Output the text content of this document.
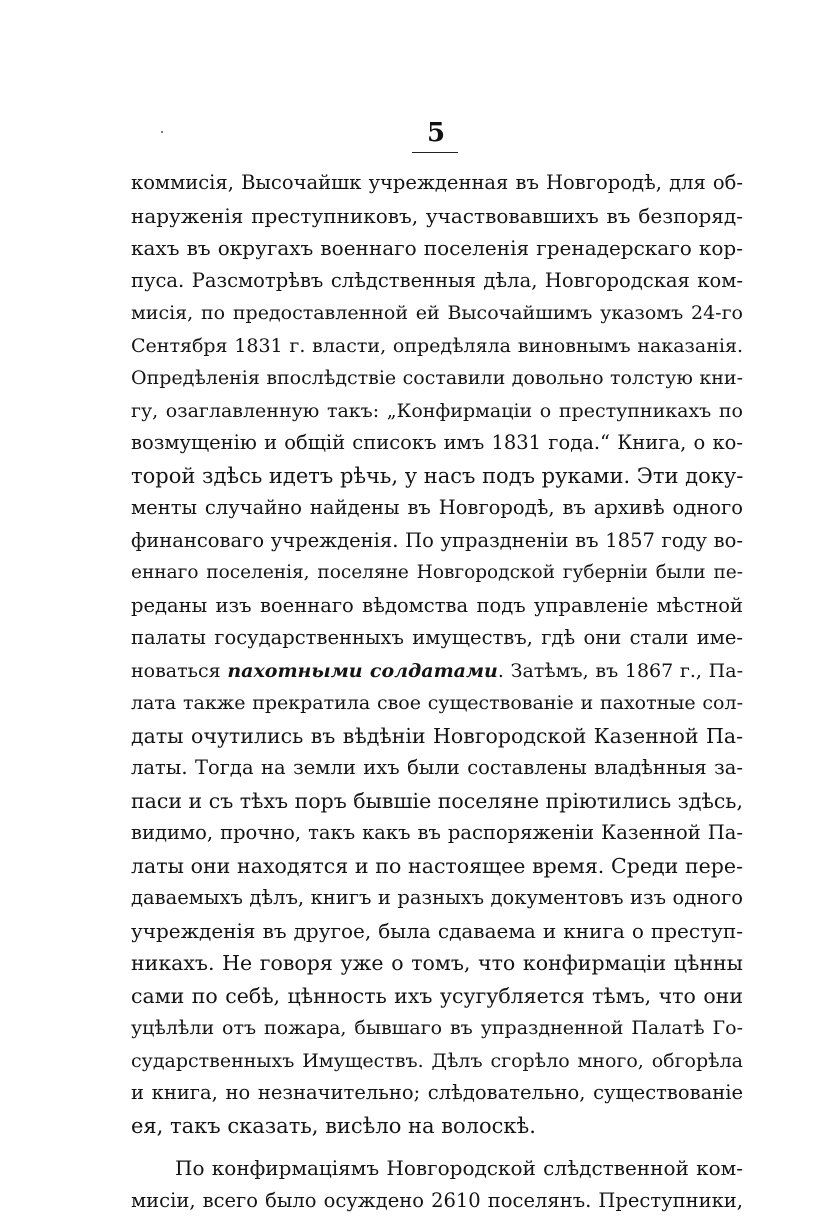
5
коммисія, Высочайшк учрежденная въ Новгородѣ, для об-
наруженія преступниковъ, участвовавшихъ въ безпоряд-
кахъ въ округахъ военнаго поселенія гренадерскаго кор-
пуса. Разсмотрѣвъ слѣдственныя дѣла, Новгородская ком-
мисія, по предоставленной ей Высочайшимъ указомъ 24-го
Сентября 1831 г. власти, опредѣляла виновнымъ наказанія.
Опредѣленія впослѣдствіе составили довольно толстую кни-
гу, озаглавленную такъ: „Конфирмаціи о преступникахъ по
возмущенію и общій списокъ имъ 1831 года.“ Книга, о ко-
торой здѣсь идетъ рѣчь, у насъ подъ руками. Эти доку-
менты случайно найдены въ Новгородѣ, въ архивѣ одного
финансоваго учрежденія. По упраздненіи въ 1857 году во-
еннаго поселенія, поселяне Новгородской губерніи были пе-
реданы изъ военнаго вѣдомства подъ управленіе мѣстной
палаты государственныхъ имуществъ, гдѣ они стали име-
новаться пахотными солдатами. Затѣмъ, въ 1867 г., Па-
лата также прекратила свое существованіе и пахотные сол-
даты очутились въ вѣдѣніи Новгородской Казенной Па-
латы. Тогда на земли ихъ были составлены владѣнныя за-
паси и съ тѣхъ поръ бывшіе поселяне пріютились здѣсь,
видимо, прочно, такъ какъ въ распоряженіи Казенной Па-
латы они находятся и по настоящее время. Среди пере-
даваемыхъ дѣлъ, книгъ и разныхъ документовъ изъ одного
учрежденія въ другое, была сдаваема и книга о преступ-
никахъ. Не говоря уже о томъ, что конфирмаціи цѣнны
сами по себѣ, цѣнность ихъ усугубляется тѣмъ, что они
уцѣлѣли отъ пожара, бывшаго въ упраздненной Палатѣ Го-
сударственныхъ Имуществъ. Дѣлъ сгорѣло много, обгорѣла
и книга, но незначительно; слѣдовательно, существованіе
ея, такъ сказать, висѣло на волоскѣ.
По конфирмаціямъ Новгородской слѣдственной ком-
мисіи, всего было осуждено 2610 поселянъ. Преступники,
